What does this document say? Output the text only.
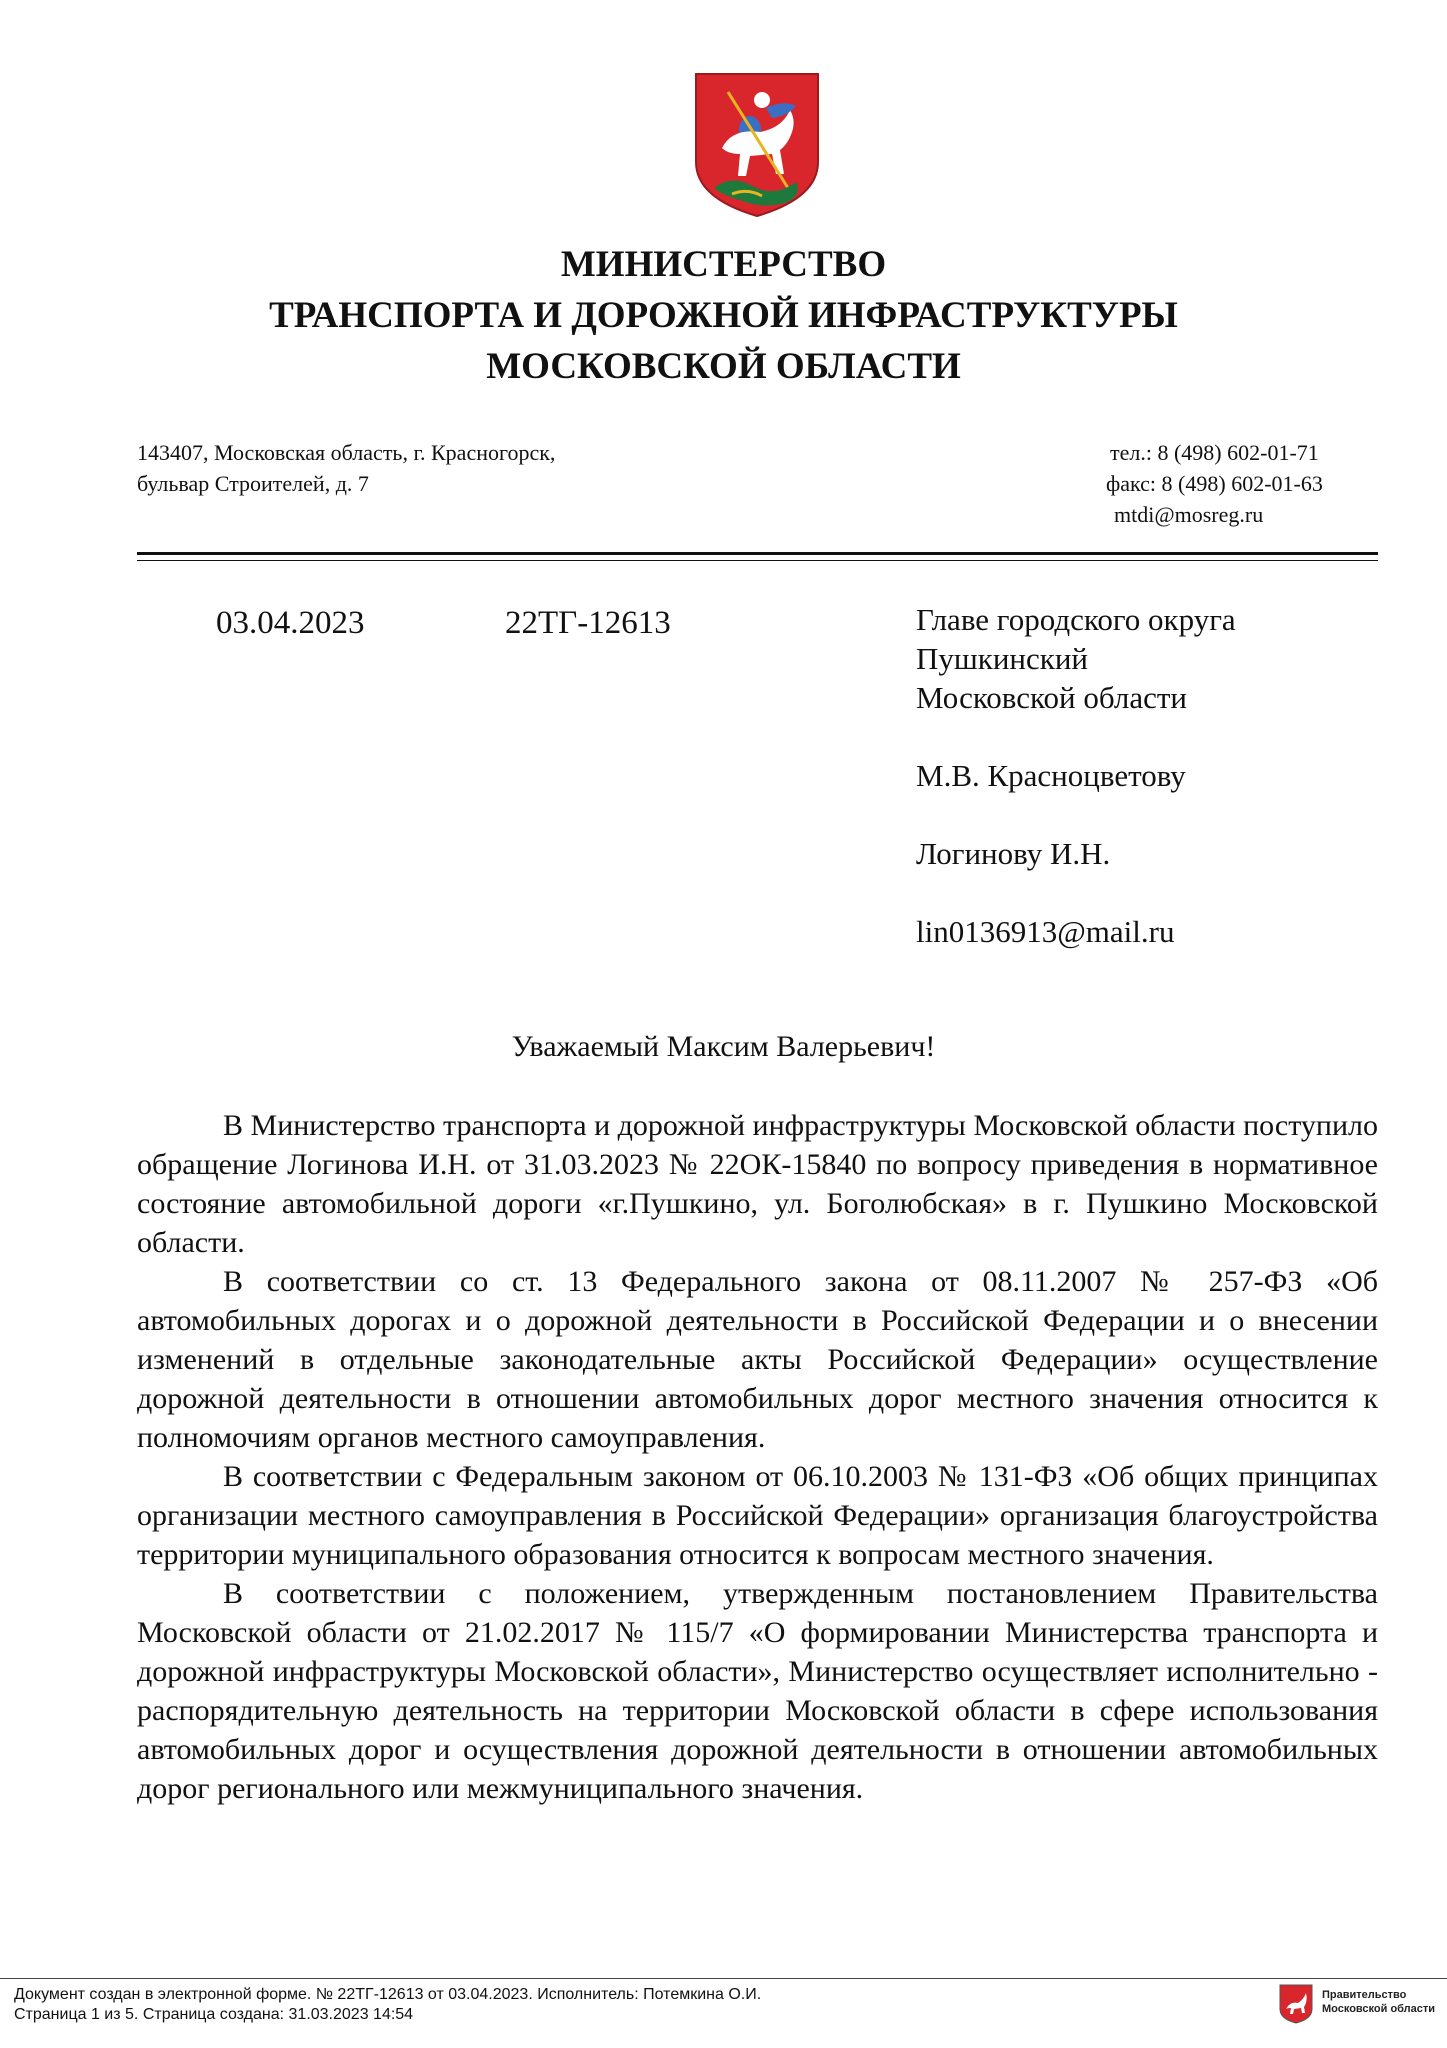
МИНИСТЕРСТВО
ТРАНСПОРТА И ДОРОЖНОЙ ИНФРАСТРУКТУРЫ
МОСКОВСКОЙ ОБЛАСТИ
143407, Московская область, г. Красногорск,
бульвар Строителей, д. 7
тел.: 8 (498) 602-01-71
факс: 8 (498) 602-01-63
mtdi@mosreg.ru
03.04.2023	22ТГ-12613	Главе городского округа
Пушкинский
Московской области
М.В. Красноцветову
Логинову И.Н.
lin0136913@mail.ru
Уважаемый Максим Валерьевич!

В Министерство транспорта и дорожной инфраструктуры Московской области поступило обращение Логинова И.Н. от 31.03.2023 № 22ОК-15840 по вопросу приведения в нормативное состояние автомобильной дороги «г.Пушкино, ул. Боголюбская» в г. Пушкино Московской области.

В соответствии со ст. 13 Федерального закона от 08.11.2007 № 257-ФЗ «Об автомобильных дорогах и о дорожной деятельности в Российской Федерации и о внесении изменений в отдельные законодательные акты Российской Федерации» осуществление дорожной деятельности в отношении автомобильных дорог местного значения относится к полномочиям органов местного самоуправления.

В соответствии с Федеральным законом от 06.10.2003 № 131-ФЗ «Об общих принципах организации местного самоуправления в Российской Федерации» организация благоустройства территории муниципального образования относится к вопросам местного значения.

В соответствии с положением, утвержденным постановлением Правительства Московской области от 21.02.2017 № 115/7 «О формировании Министерства транспорта и дорожной инфраструктуры Московской области», Министерство осуществляет исполнительно - распорядительную деятельность на территории Московской области в сфере использования автомобильных дорог и осуществления дорожной деятельности в отношении автомобильных дорог регионального или межмуниципального значения.

Документ создан в электронной форме. № 22ТГ-12613 от 03.04.2023. Исполнитель: Потемкина О.И.
Страница 1 из 5. Страница создана: 31.03.2023 14:54
Правительство
Московской области
